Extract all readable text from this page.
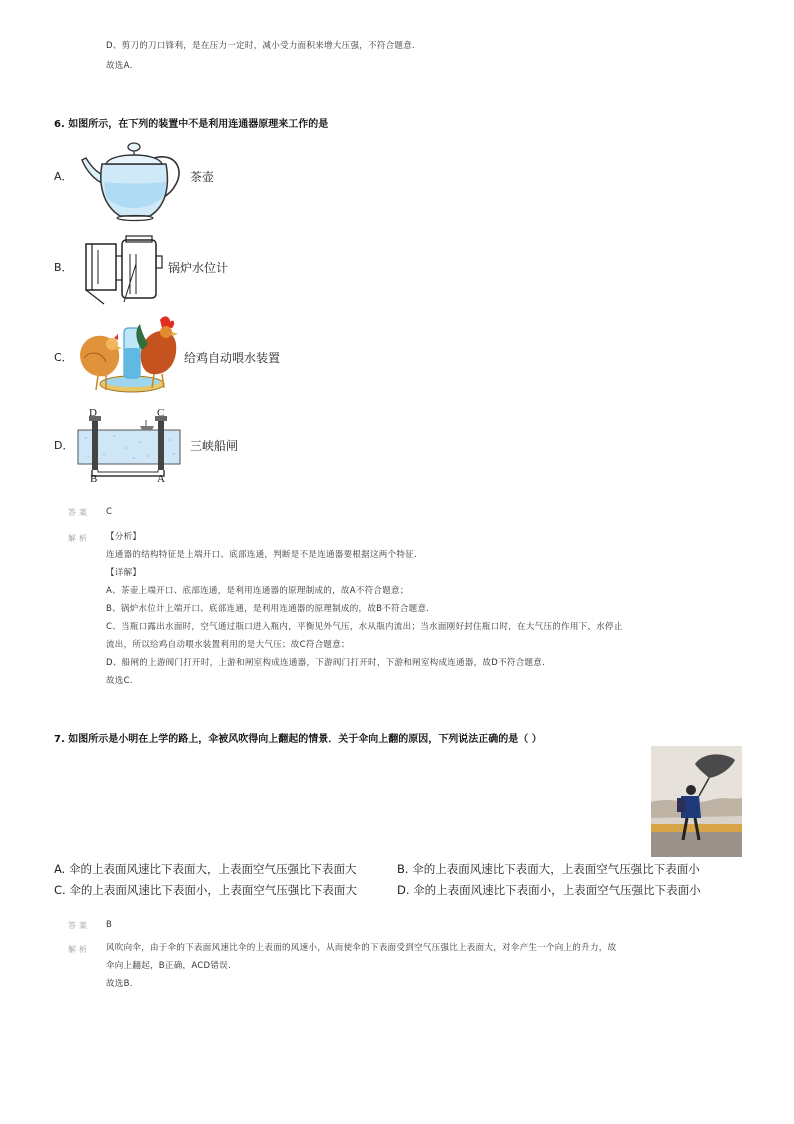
D、剪刀的刀口锋利，是在压力一定时，减小受力面积来增大压强，不符合题意.
故选A.
6. 如图所示，在下列的装置中不是利用连通器原理来工作的是
A．	茶壶
B．	锅炉水位计
C．	给鸡自动喂水装置
D．
D	C
B	A
三峡船闸
答案 C
解析 【分析】
连通器的结构特征是上端开口、底部连通，判断是不是连通器要根据这两个特征.
【详解】
A、茶壶上端开口、底部连通，是利用连通器的原理制成的，故A不符合题意；
B、锅炉水位计上端开口、底部连通，是利用连通器的原理制成的，故B不符合题意.
C、当瓶口露出水面时，空气通过瓶口进入瓶内，平衡见外气压，水从瓶内流出；当水面刚好封住瓶口时，在大气压的作用下，水停止
流出，所以给鸡自动喂水装置利用的是大气压；故C符合题意；
D、船闸的上游阀门打开时，上游和闸室构成连通器，下游阀门打开时，下游和闸室构成连通器，故D不符合题意.
故选C.
7. 如图所示是小明在上学的路上，伞被风吹得向上翻起的情景．关于伞向上翻的原因，下列说法正确的是（ ）
A. 伞的上表面风速比下表面大，上表面空气压强比下表面大	B. 伞的上表面风速比下表面大，上表面空气压强比下表面小
C. 伞的上表面风速比下表面小，上表面空气压强比下表面大	D. 伞的上表面风速比下表面小，上表面空气压强比下表面小
答案 B
解析 风吹向伞，由于伞的下表面风速比伞的上表面的风速小，从而使伞的下表面受到空气压强比上表面大，对伞产生一个向上的升力，故
伞向上翻起，B正确，ACD错误.
故选B.
